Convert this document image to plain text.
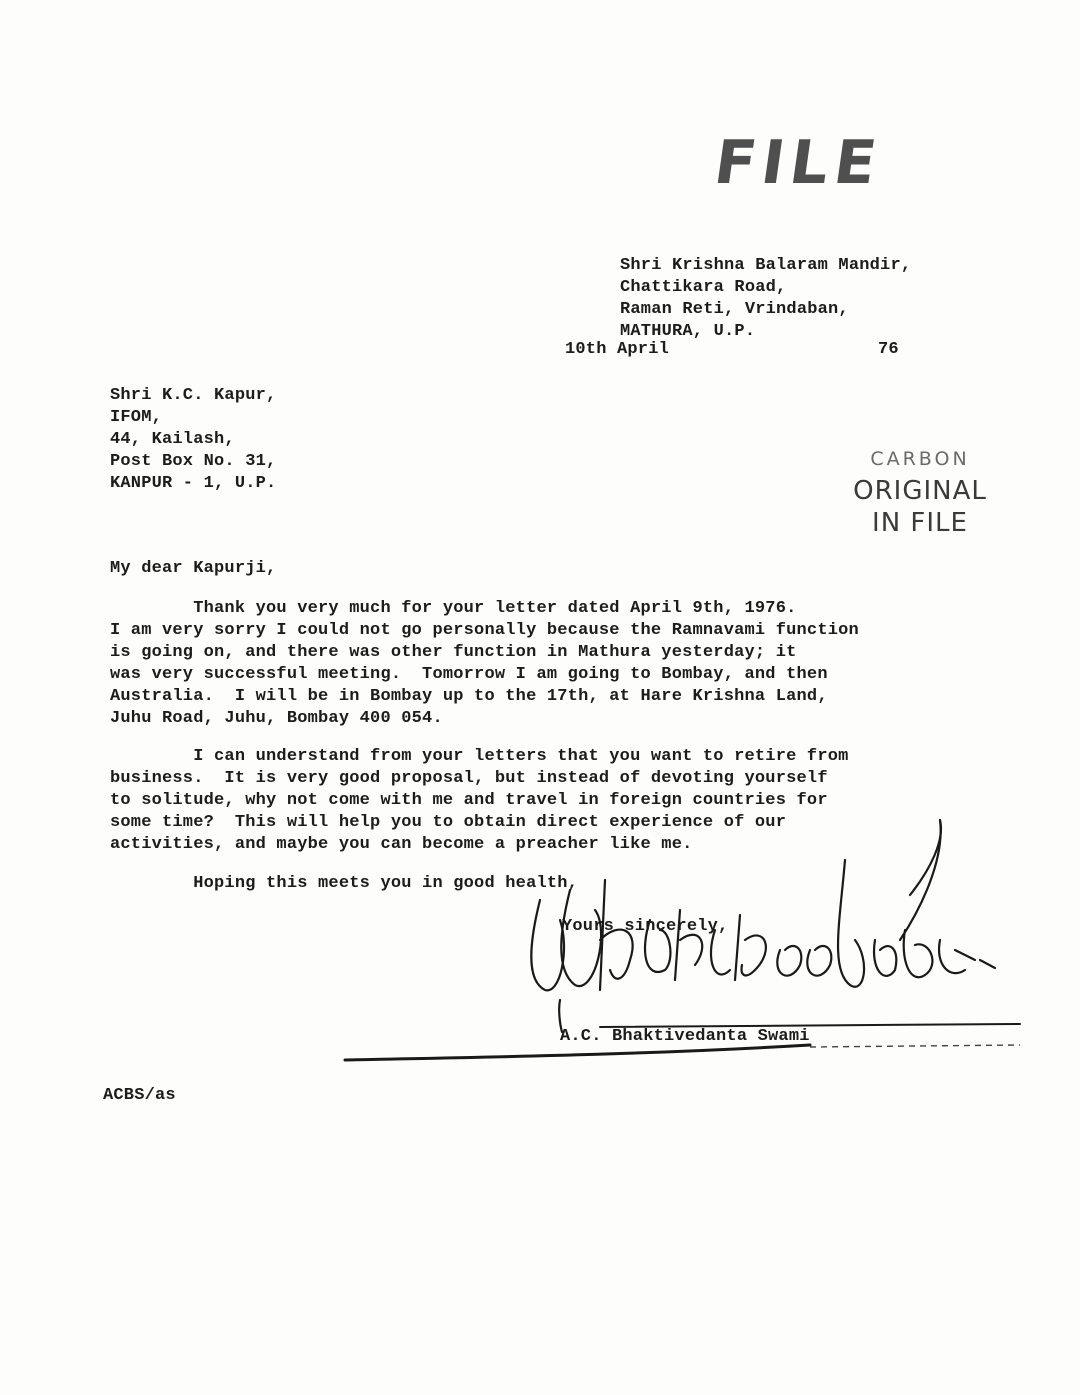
FILE
Shri Krishna Balaram Mandir,
Chattikara Road,
Raman Reti, Vrindaban,
MATHURA, U.P.
10th April	76
Shri K.C. Kapur,
IFOM,
44, Kailash,
Post Box No. 31,
KANPUR - 1, U.P.
CARBON
ORIGINAL
IN FILE
My dear Kapurji,
Thank you very much for your letter dated April 9th, 1976.
I am very sorry I could not go personally because the Ramnavami function
is going on, and there was other function in Mathura yesterday; it
was very successful meeting.  Tomorrow I am going to Bombay, and then
Australia.  I will be in Bombay up to the 17th, at Hare Krishna Land,
Juhu Road, Juhu, Bombay 400 054.
I can understand from your letters that you want to retire from
business.  It is very good proposal, but instead of devoting yourself
to solitude, why not come with me and travel in foreign countries for
some time?  This will help you to obtain direct experience of our
activities, and maybe you can become a preacher like me.
Hoping this meets you in good health,
Yours sincerely,
A.C. Bhaktivedanta Swami
ACBS/as
